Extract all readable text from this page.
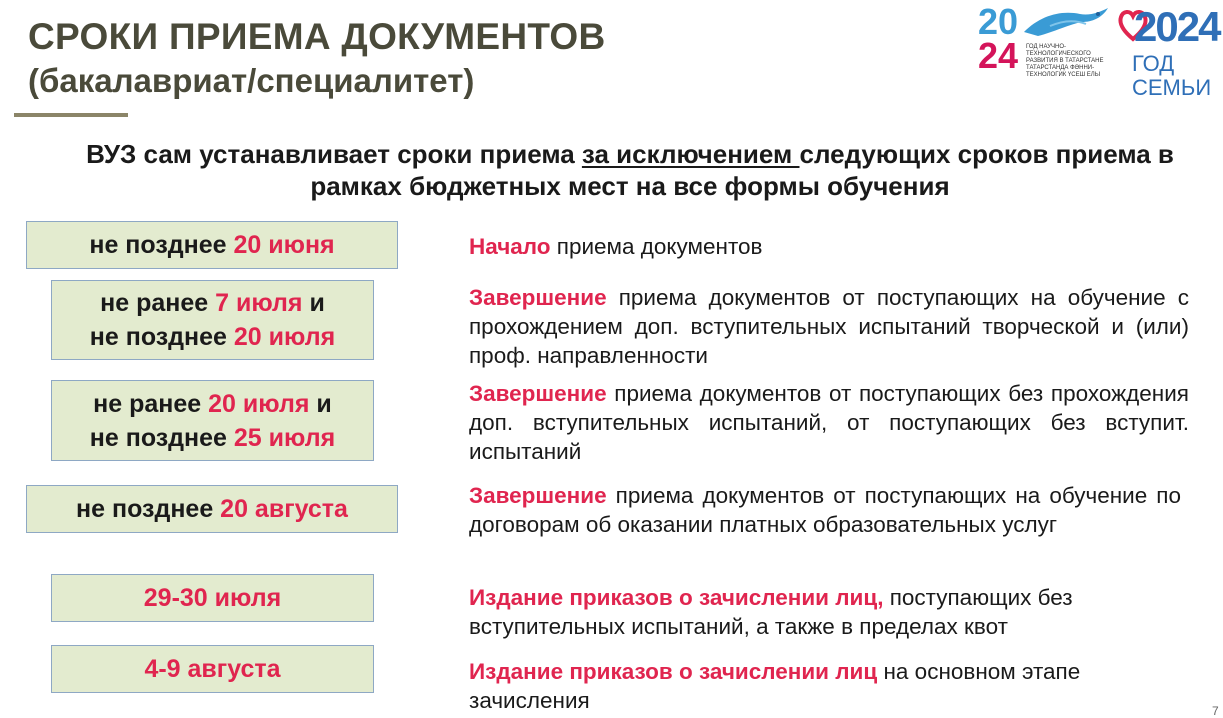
СРОКИ ПРИЕМА ДОКУМЕНТОВ
(бакалавриат/специалитет)
20
24 ГОД НАУЧНО-ТЕХНОЛОГИЧЕСКОГО РАЗВИТИЯ В ТАТАРСТАНЕ ТАТАРСТАНДА ФӘННИ-ТЕХНОЛОГИК ҮСЕШ ЕЛЫ
2024
ГОД СЕМЬИ
ВУЗ сам устанавливает сроки приема за исключением следующих сроков приема в рамках бюджетных мест на все формы обучения
не позднее 20 июня
не ранее 7 июля и
не позднее 20 июля
не ранее 20 июля и
не позднее 25 июля
не позднее 20 августа
29-30 июля
4-9 августа
Начало приема документов
Завершение приема документов от поступающих на обучение с прохождением доп. вступительных испытаний творческой и (или) проф. направленности
Завершение приема документов от поступающих без прохождения доп. вступительных испытаний, от поступающих без вступит. испытаний
Завершение приема документов от поступающих на обучение по договорам об оказании платных образовательных услуг
Издание приказов о зачислении лиц, поступающих без вступительных испытаний, а также в пределах квот
Издание приказов о зачислении лиц на основном этапе зачисления	7
